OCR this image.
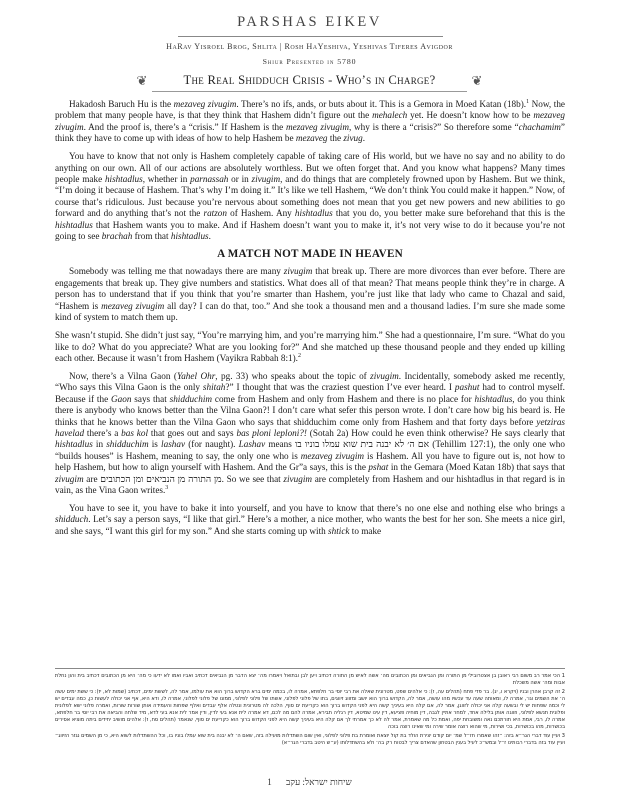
PARSHAS EIKEV
HaRav Yisroel Brog, Shlita | Rosh HaYeshiva, Yeshivas Tiferes Avigdor
Shiur Presented in 5780
❦	The Real Shidduch Crisis - Who’s in Charge?	❦

Hakadosh Baruch Hu is the mezaveg zivugim. There’s no ifs, ands, or buts about it. This is a Gemora in Moed Katan (18b).$^1$ Now, the problem that many people have, is that they think that Hashem didn’t figure out the mehalech yet. He doesn’t know how to be mezaveg zivugim. And the proof is, there’s a “crisis.” If Hashem is the mezaveg zivugim, why is there a “crisis?” So therefore some “chachamim” think they have to come up with ideas of how to help Hashem be mezaveg the zivug.

You have to know that not only is Hashem completely capable of taking care of His world, but we have no say and no ability to do anything on our own. All of our actions are absolutely worthless. But we often forget that. And you know what happens? Many times people make hishtadlus, whether in parnassah or in zivugim, and do things that are completely frowned upon by Hashem. But we think, “I’m doing it because of Hashem. That’s why I’m doing it.” It’s like we tell Hashem, “We don’t think You could make it happen.” Now, of course that’s ridiculous. Just because you’re nervous about something does not mean that you get new powers and new abilities to go forward and do anything that’s not the ratzon of Hashem. Any hishtadlus that you do, you better make sure beforehand that this is the hishtadlus that Hashem wants you to make. And if Hashem doesn’t want you to make it, it’s not very wise to do it because you’re not going to see brachah from that hishtadlus.

A MATCH NOT MADE IN HEAVEN

Somebody was telling me that nowadays there are many zivugim that break up. There are more divorces than ever before. There are engagements that break up. They give numbers and statistics. What does all of that mean? That means people think they’re in charge. A person has to understand that if you think that you’re smarter than Hashem, you’re just like that lady who came to Chazal and said, “Hashem is mezaveg zivugim all day? I can do that, too.” And she took a thousand men and a thousand ladies. I’m sure she made some kind of system to match them up.

She wasn’t stupid. She didn’t just say, “You’re marrying him, and you’re marrying him.” She had a questionnaire, I’m sure. “What do you like to do? What do you appreciate? What are you looking for?” And she matched up these thousand people and they ended up killing each other. Because it wasn’t from Hashem (Vayikra Rabbah 8:1).$^2$

Now, there’s a Vilna Gaon (Yahel Ohr, pg. 33) who speaks about the topic of zivugim. Incidentally, somebody asked me recently, “Who says this Vilna Gaon is the only shitah?” I thought that was the craziest question I’ve ever heard. I pashut had to control myself. Because if the Gaon says that shidduchim come from Hashem and only from Hashem and there is no place for hishtadlus, do you think there is anybody who knows better than the Vilna Gaon?! I don’t care what sefer this person wrote. I don’t care how big his beard is. He thinks that he knows better than the Vilna Gaon who says that shidduchim come only from Hashem and that forty days before yetziras havelad there’s a bas kol that goes out and says bas ploni leploni?! (Sotah 2a) How could he even think otherwise? He says clearly that hishtadlus in shidduchim is lashav (for naught). Lashav means אם ה׳ לא יבנה בית שוא עמלו בוניו בו (Tehillim 127:1), the only one who “builds houses” is Hashem, meaning to say, the only one who is mezaveg zivugim is Hashem. All you have to figure out is, not how to help Hashem, but how to align yourself with Hashem. And the Gr”a says, this is the pshat in the Gemara (Moed Katan 18b) that says that zivugim are מן התורה מן הנביאים ומן הכתובים. So we see that zivugim are completely from Hashem and our hishtadlus in that regard is in vain, as the Vina Gaon writes.$^3$

You have to see it, you have to bake it into yourself, and you have to know that there’s no one else and nothing else who brings a shidduch. Let’s say a person says, “I like that girl.” Here’s a mother, a nice mother, who wants the best for her son. She meets a nice girl, and she says, “I want this girl for my son.” And she starts coming up with shtick to make

1 הכי אמר רב משום רבי ראובן בן אצטרובילי מן התורה ומן הנביאים ומן הכתובים מה׳ אשה לאיש מן התורה דכתיב ויען לבן ובתואל ויאמרו מה׳ יצא הדבר מן הנביאים דכתיב ואביו ואמו לא ידעו כי מה׳ היא מן הכתובים דכתיב בית והון נחלת אבות ומה׳ אשה משכלת
2 זה קרבן אהרן ובניו (ויקרא ו, יג). בר פדי פתח (תהלים עה, ז): כי אלהים שפט, מטרונית שאלה את רבי יוסי בר חלפתא, אמרה לו, בכמה ימים ברא הקדוש ברוך הוא את עולמו, אמר לה, לששת ימים, דכתיב (שמות לא, יז): כי ששת ימים עשה ה׳ את השמים וגו׳, אמרה לו, ומאותה שעה עד עכשיו מהו עושה, אמר לה, הקדוש ברוך הוא יושב ומזווג זיווגים, בתו של פלוני לפלוני, אשתו של פלוני לפלוני, ממונו של פלוני לפלוני, אמרה לו, ודא היא, אף אני יכולה לעשות כן, כמה עבדים יש לי וכמה שפחות יש לי ובשעה קלה אני יכולה לזווגן, אמר לה, אם קלה היא בעיניך קשה היא לפני הקדוש ברוך הוא כקריעת ים סוף, הלכה לה מטרונית ונטלה אלף עבדים ואלף שפחות והעמידה אותן שורות שורות, ואמרה פלוני ישא לפלונית ופלונית תנשא לפלוני, וזווגה אותן בלילה אחד, למחר אתיין לגבה, דין מוחיה פציעא, דין עינו שמיטא, דין רגליה תבירא, אמרה להם מה לכם, דא אמרה לית אנא בעי לדין, ודין אמר לית אנא בעי לדא, מיד שלחה והביאה את רבי יוסי בר חלפתא, אמרה לו, רבי, אמת היא תורתכם נאה ומשובחת יפה, ואמת כל מה שאמרת, אמר לה לא כך אמרתי לך אם קלה היא בעיניך קשה היא לפני הקדוש ברוך הוא כקריעת ים סוף, שנאמר (תהלים סח, ז): אלהים מושיב יחידים ביתה מוציא אסירים בכושרות, מהו בכושרות, בכי ושירות, מי שהוא רוצה אומר שירה ומי שאינו רוצה בוכה
3 ועיין עוד דברי הגר״א בזה: ״זהו שאמרו חז״ל שמ׳ יום קודם יצירת הולד בת קול יוצאת ואומרת בת פלוני לפלוני, ואין שום השתדלות מועילה בזה, שאם ה׳ לא יבנה בית שוא עמלו בוניו בו, וכל ההשתדלות לשוא היא, כי מן השמים נגזר הזיווג״ ועיין עוד בזה בדברי רבותינו ז״ל ובמש״כ לעיל בענין הבטחון שהאדם צריך לבטוח רק בה׳ ולא בהשתדלותו (ע״ש היטב בדברי הגר״א)
1 שיחות ישראל: עקב
